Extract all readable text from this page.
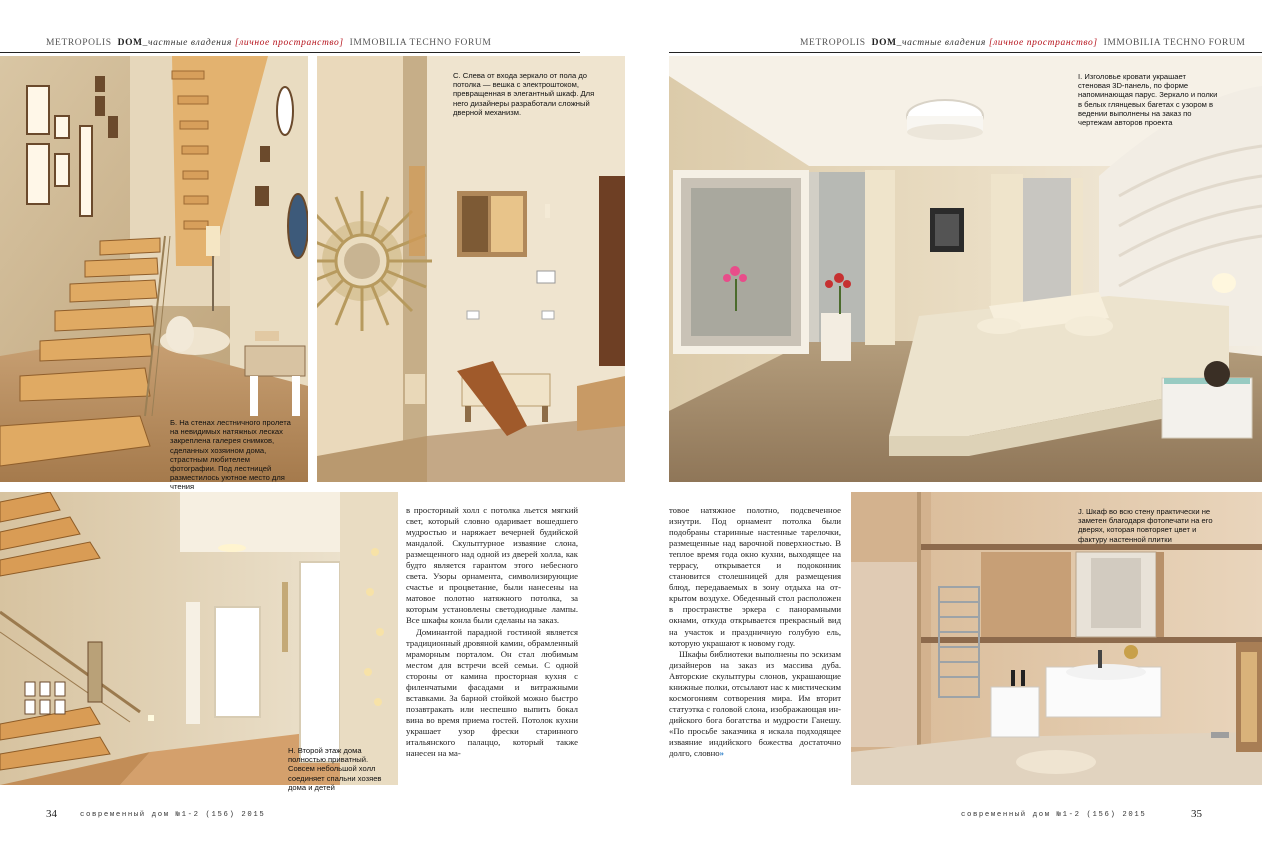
METROPOLIS DOM_частные владения [личное пространство] IMMOBILIA TECHNO FORUM
Б. На стенах лестничного пролета на невидимых натяжных лесках закреплена галерея снимков, сделанных хозяином дома, страстным любителем фотографии. Под лестницей разместилось уютное место для чтения
С. Слева от входа зеркало от пола до потолка — вешка с электроштоком, превращенная в элегантный шкаф. Для него дизайнеры разработали сложный дверной механизм.
Н. Второй этаж дома полностью приватный. Совсем небольшой холл соединяет спальни хозяев дома и детей

в просторный холл с потолка льется мягкий свет, который словно одаривает вошедшего мудростью и наряжает вечерней будийской мандалой. Скульптурное изваяние слона, размещенного над одной из дверей холла, как будто является гарантом этого небесного света. Узоры орнамента, символизирующие счастье и процветание, были нанесены на матовое полотно натяжного потолка, за которым установлены светодиодные лампы. Все шкафы конла были сделаны на заказ.

Доминантой парадной гостиной является традиционный дровяной камин, обрамленный мраморным порталом. Он стал любимым местом для встречи всей семьи. С одной стороны от камина просторная кухня с филенчатыми фасадами и витражными вставками. За барной стойкой можно быстро позавтракать или неспешно выпить бокал вина во время приема гостей. Потолок кухни украшает узор фрески старинного итальянского палаццо, который также нанесен на ма-

34	современный дом №1-2 (156) 2015
METROPOLIS DOM_частные владения [личное пространство] IMMOBILIA TECHNO FORUM
I. Изголовье кровати украшает стеновая 3D-панель, по форме напоминающая парус. Зеркало и полки в белых глянцевых багетах с узором в ведении выполнены на заказ по чертежам авторов проекта

товое натяжное полотно, подсвеченное изнутри. Под орнамент потолка были подобраны старинные настенные тарелочки, размещенные над варочной поверхностью. В теплое время года окно кухни, выходящее на террасу, открывается и подоконник становится столешницей для размещения блюд, передаваемых в зону отдыха на открытом воздухе. Обеденный стол расположен в пространстве эркера с панорамными окнами, откуда открывается прекрасный вид на участок и праздничную голубую ель, которую украшают к новому году.

Шкафы библиотеки выполнены по эскизам дизайнеров на заказ из массива дуба. Авторские скульптуры слонов, украшающие книжные полки, отсылают нас к мистическим космогониям сотворения мира. Им вторит статуэтка с головой слона, изображающая индийского бога богатства и мудрости Ганешу. «По просьбе заказчика я искала подходящее изваяние индийского божества достаточно долго, словно»

J. Шкаф во всю стену практически не заметен благодаря фотопечати на его дверях, которая повторяет цвет и фактуру настенной плитки
современный дом №1-2 (156) 2015	35
